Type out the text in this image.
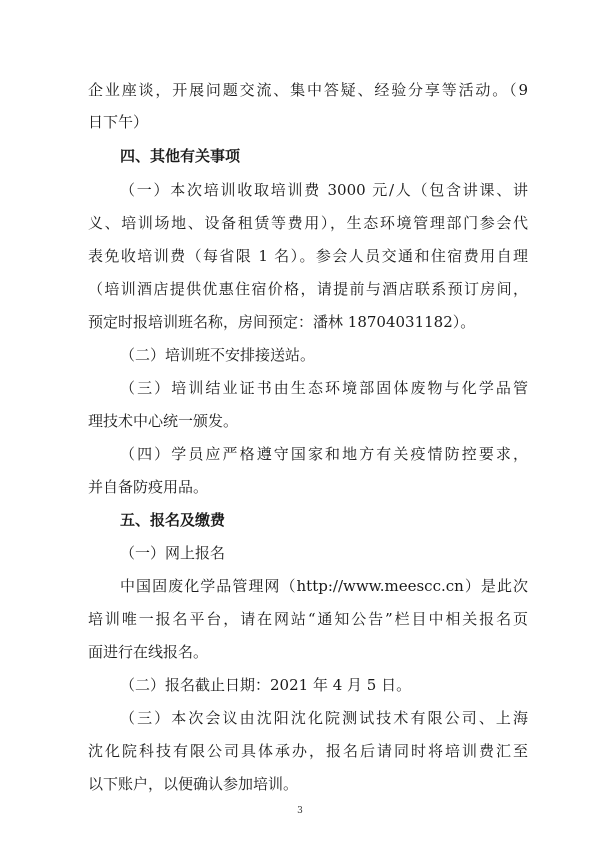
企业座谈，开展问题交流、集中答疑、经验分享等活动。（9
日下午）
四、其他有关事项
（一）本次培训收取培训费 3000 元/人（包含讲课、讲
义、培训场地、设备租赁等费用），生态环境管理部门参会代
表免收培训费（每省限 1 名）。参会人员交通和住宿费用自理
（培训酒店提供优惠住宿价格，请提前与酒店联系预订房间，
预定时报培训班名称，房间预定：潘林 18704031182）。
（二）培训班不安排接送站。
（三）培训结业证书由生态环境部固体废物与化学品管
理技术中心统一颁发。
（四）学员应严格遵守国家和地方有关疫情防控要求，
并自备防疫用品。
五、报名及缴费
（一）网上报名
中国固废化学品管理网（http://www.meescc.cn）是此次
培训唯一报名平台，请在网站“通知公告”栏目中相关报名页
面进行在线报名。
（二）报名截止日期：2021 年 4 月 5 日。
（三）本次会议由沈阳沈化院测试技术有限公司、上海
沈化院科技有限公司具体承办，报名后请同时将培训费汇至
以下账户，以便确认参加培训。
3
